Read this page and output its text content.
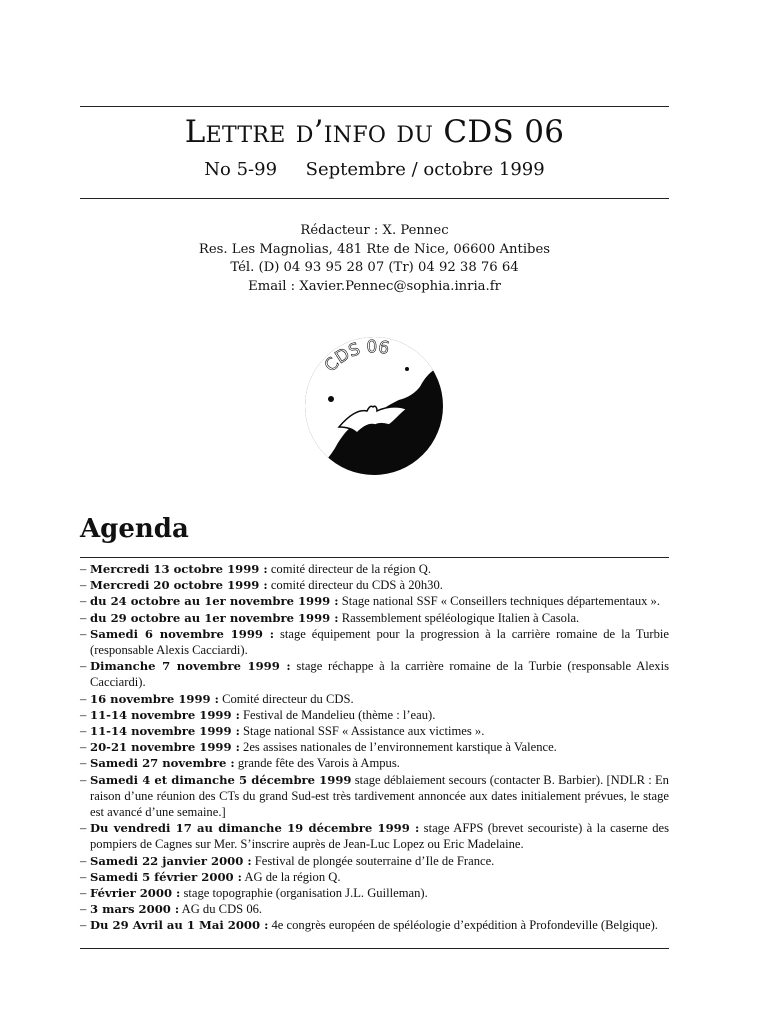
Lettre d’info du CDS 06
No 5-99     Septembre / octobre 1999
Rédacteur : X. Pennec
Res. Les Magnolias, 481 Rte de Nice, 06600 Antibes
Tél. (D) 04 93 95 28 07 (Tr) 04 92 38 76 64
Email : Xavier.Pennec@sophia.inria.fr
CDS 06
Agenda
– Mercredi 13 octobre 1999 : comité directeur de la région Q.
– Mercredi 20 octobre 1999 : comité directeur du CDS à 20h30.
– du 24 octobre au 1er novembre 1999 : Stage national SSF « Conseillers techniques départementaux ».
– du 29 octobre au 1er novembre 1999 : Rassemblement spéléologique Italien à Casola.
– Samedi 6 novembre 1999 : stage équipement pour la progression à la carrière romaine de la Turbie (responsable Alexis Cacciardi).
– Dimanche 7 novembre 1999 : stage réchappe à la carrière romaine de la Turbie (responsable Alexis Cacciardi).
– 16 novembre 1999 : Comité directeur du CDS.
– 11-14 novembre 1999 : Festival de Mandelieu (thème : l’eau).
– 11-14 novembre 1999 : Stage national SSF « Assistance aux victimes ».
– 20-21 novembre 1999 : 2es assises nationales de l’environnement karstique à Valence.
– Samedi 27 novembre : grande fête des Varois à Ampus.
– Samedi 4 et dimanche 5 décembre 1999 stage déblaiement secours (contacter B. Barbier). [NDLR : En raison d’une réunion des CTs du grand Sud-est très tardivement annoncée aux dates initialement prévues, le stage est avancé d’une semaine.]
– Du vendredi 17 au dimanche 19 décembre 1999 : stage AFPS (brevet secouriste) à la caserne des pompiers de Cagnes sur Mer. S’inscrire auprès de Jean-Luc Lopez ou Eric Madelaine.
– Samedi 22 janvier 2000 : Festival de plongée souterraine d’Ile de France.
– Samedi 5 février 2000 : AG de la région Q.
– Février 2000 : stage topographie (organisation J.L. Guilleman).
– 3 mars 2000 : AG du CDS 06.
– Du 29 Avril au 1 Mai 2000 : 4e congrès européen de spéléologie d’expédition à Profondeville (Belgique).
